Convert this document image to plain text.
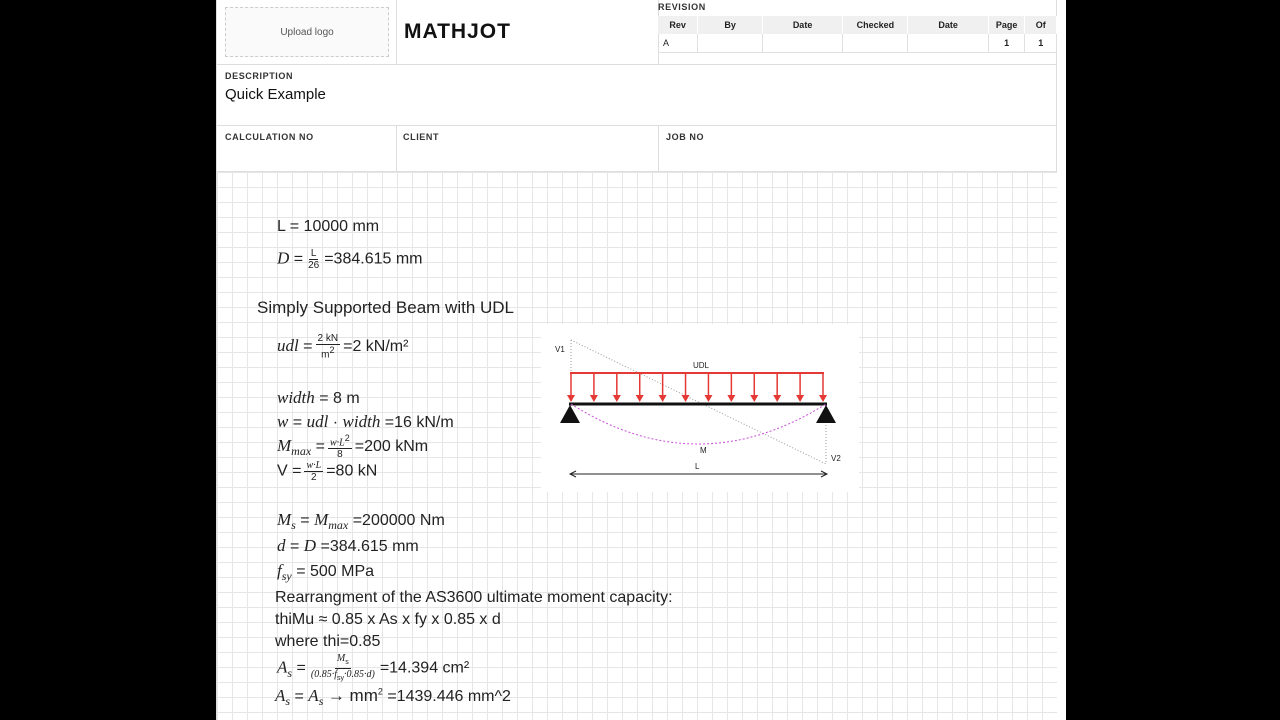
Upload logo	MATHJOT
REVISION
Rev	By	Date	Checked	Date	Page	Of
A					1	1
DESCRIPTION
Quick Example
CALCULATION NO	CLIENT	JOB NO
L = 10000 mm
$D = \frac{L}{26} =384.615$ mm
Simply Supported Beam with UDL
udl = $\frac{2 kN}{m^2} =2$ kN/m²
width = 8 m
w = udl · width =16 kN/m
$M_{max} = \frac{w\cdot L^2}{8} =200$ kNm
$V = \frac{w\cdot L}{2} =80$ kN
$M_s = M_{max} =200000$ Nm
d = D =384.615 mm
$f_{sy} = 500$ MPa
Rearrangment of the AS3600 ultimate moment capacity:
thiMu ≈ 0.85 x As x fy x 0.85 x d
where thi=0.85
$A_s = \frac{M_s}{(0.85\cdot f_{sy}\cdot 0.85\cdot d)} =14.394$ cm²
$A_s = A_s \to mm^2 =1439.446$ mm^2
V1
V2
UDL
M
L
